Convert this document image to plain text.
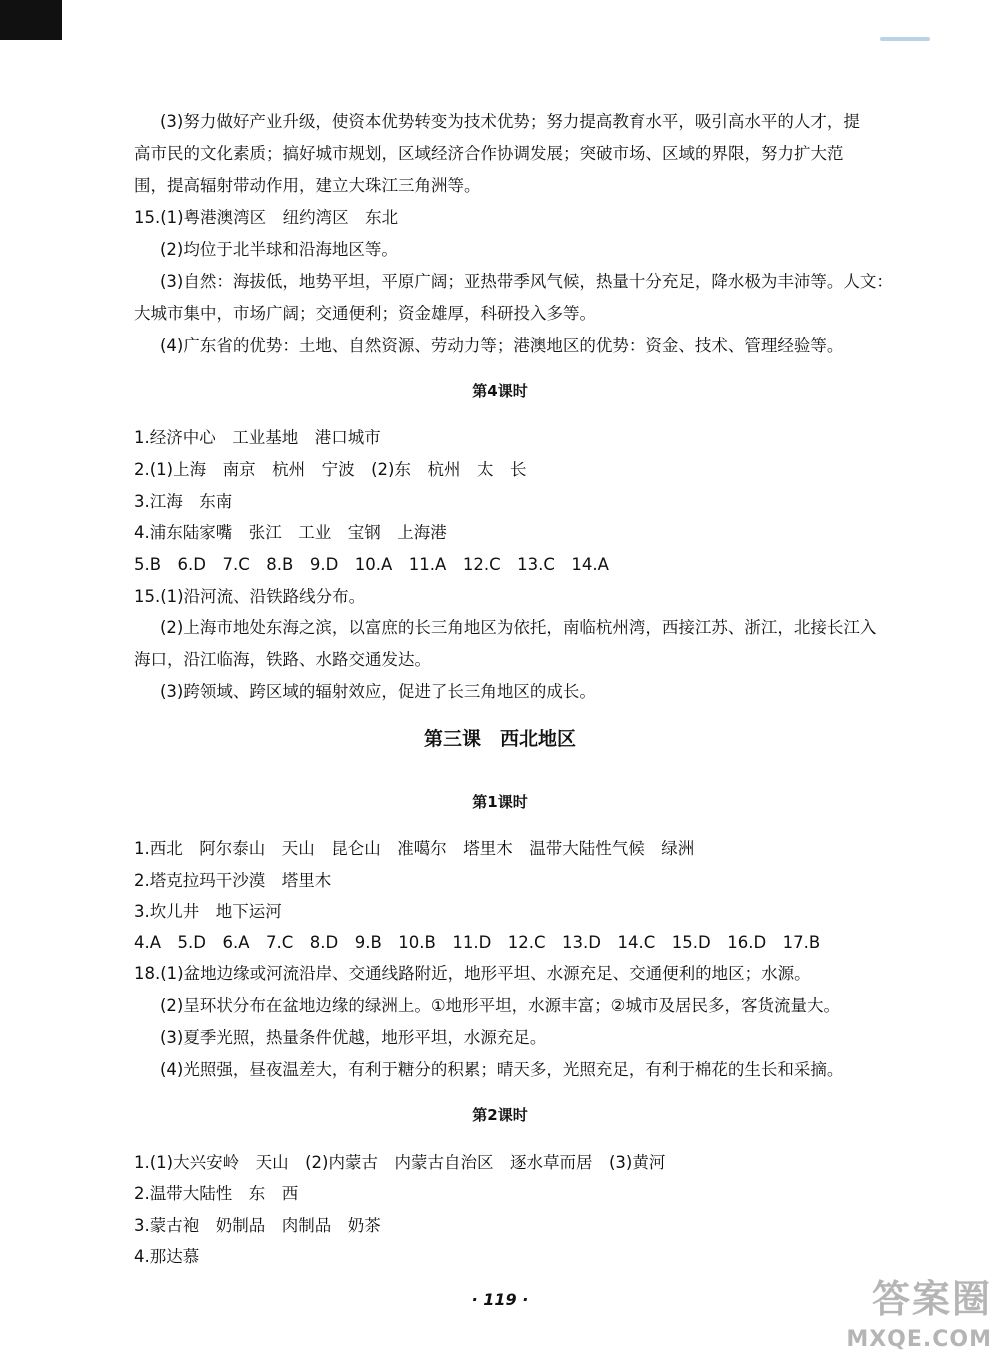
(3)努力做好产业升级，使资本优势转变为技术优势；努力提高教育水平，吸引高水平的人才，提
高市民的文化素质；搞好城市规划，区域经济合作协调发展；突破市场、区域的界限，努力扩大范
围，提高辐射带动作用，建立大珠江三角洲等。
15.(1)粤港澳湾区　纽约湾区　东北
(2)均位于北半球和沿海地区等。
(3)自然：海拔低，地势平坦，平原广阔；亚热带季风气候，热量十分充足，降水极为丰沛等。人文：
大城市集中，市场广阔；交通便利；资金雄厚，科研投入多等。
(4)广东省的优势：土地、自然资源、劳动力等；港澳地区的优势：资金、技术、管理经验等。
第4课时
1.经济中心　工业基地　港口城市
2.(1)上海　南京　杭州　宁波　(2)东　杭州　太　长
3.江海　东南
4.浦东陆家嘴　张江　工业　宝钢　上海港
5.B　6.D　7.C　8.B　9.D　10.A　11.A　12.C　13.C　14.A
15.(1)沿河流、沿铁路线分布。
(2)上海市地处东海之滨，以富庶的长三角地区为依托，南临杭州湾，西接江苏、浙江，北接长江入
海口，沿江临海，铁路、水路交通发达。
(3)跨领域、跨区域的辐射效应，促进了长三角地区的成长。
第三课　西北地区
第1课时
1.西北　阿尔泰山　天山　昆仑山　准噶尔　塔里木　温带大陆性气候　绿洲
2.塔克拉玛干沙漠　塔里木
3.坎儿井　地下运河
4.A　5.D　6.A　7.C　8.D　9.B　10.B　11.D　12.C　13.D　14.C　15.D　16.D　17.B
18.(1)盆地边缘或河流沿岸、交通线路附近，地形平坦、水源充足、交通便利的地区；水源。
(2)呈环状分布在盆地边缘的绿洲上。①地形平坦，水源丰富；②城市及居民多，客货流量大。
(3)夏季光照，热量条件优越，地形平坦，水源充足。
(4)光照强，昼夜温差大，有利于糖分的积累；晴天多，光照充足，有利于棉花的生长和采摘。
第2课时
1.(1)大兴安岭　天山　(2)内蒙古　内蒙古自治区　逐水草而居　(3)黄河
2.温带大陆性　东　西
3.蒙古袍　奶制品　肉制品　奶茶
4.那达慕
· 119 ·	答案圈
MXQE.COM
